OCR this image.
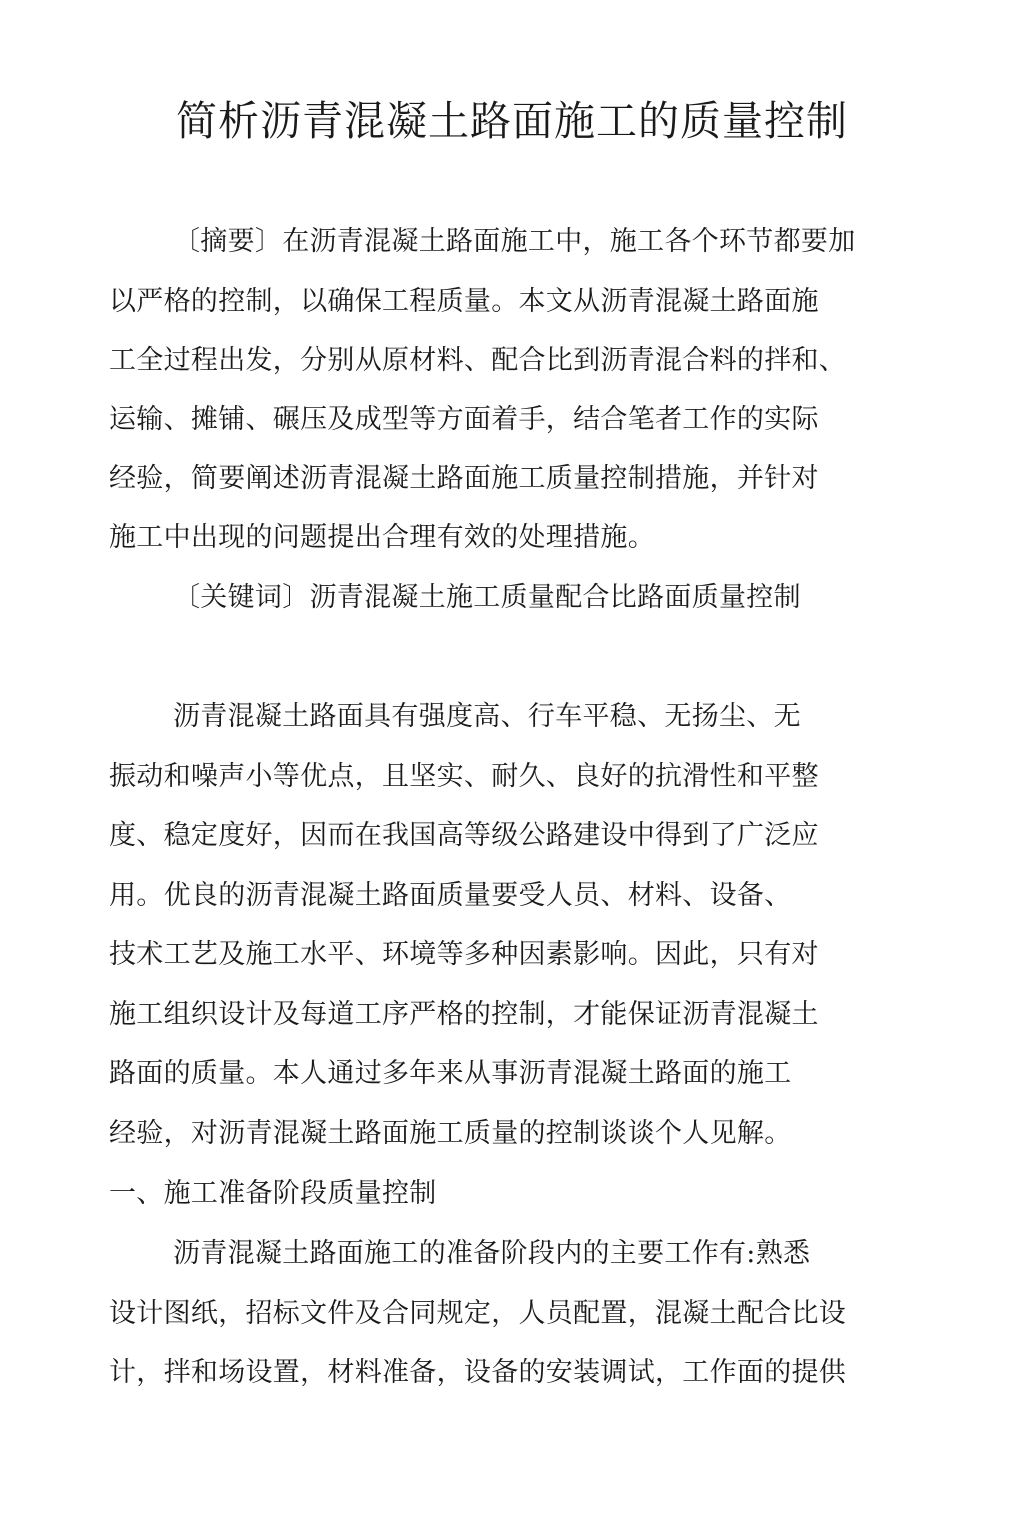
简析沥青混凝土路面施工的质量控制
〔摘要〕在沥青混凝土路面施工中，施工各个环节都要加
以严格的控制，以确保工程质量。本文从沥青混凝土路面施
工全过程出发，分别从原材料、配合比到沥青混合料的拌和、
运输、摊铺、碾压及成型等方面着手，结合笔者工作的实际
经验，简要阐述沥青混凝土路面施工质量控制措施，并针对
施工中出现的问题提出合理有效的处理措施。
〔关键词〕沥青混凝土施工质量配合比路面质量控制
沥青混凝土路面具有强度高、行车平稳、无扬尘、无
振动和噪声小等优点，且坚实、耐久、良好的抗滑性和平整
度、稳定度好，因而在我国高等级公路建设中得到了广泛应
用。优良的沥青混凝土路面质量要受人员、材料、设备、
技术工艺及施工水平、环境等多种因素影响。因此，只有对
施工组织设计及每道工序严格的控制，才能保证沥青混凝土
路面的质量。本人通过多年来从事沥青混凝土路面的施工
经验，对沥青混凝土路面施工质量的控制谈谈个人见解。
一、施工准备阶段质量控制
沥青混凝土路面施工的准备阶段内的主要工作有:熟悉
设计图纸，招标文件及合同规定，人员配置，混凝土配合比设
计，拌和场设置，材料准备，设备的安装调试，工作面的提供
